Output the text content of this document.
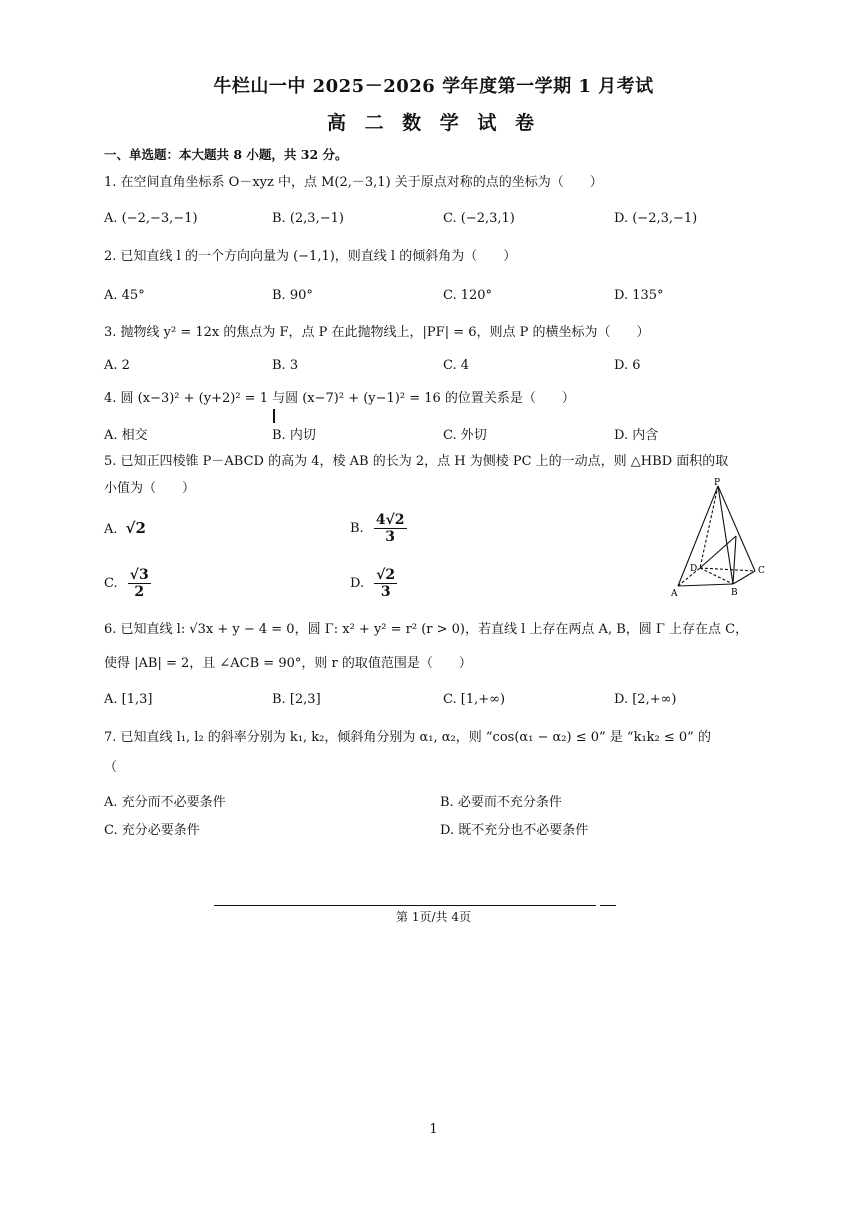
牛栏山一中 2025－2026 学年度第一学期 1 月考试
高 二 数 学 试 卷
一、单选题：本大题共 8 小题，共 32 分。
1. 在空间直角坐标系 O－xyz 中，点 M(2,－3,1) 关于原点对称的点的坐标为（　　）
A. (−2,−3,−1)	B. (2,3,−1)	C. (−2,3,1)	D. (−2,3,−1)
2. 已知直线 l 的一个方向向量为 (−1,1)，则直线 l 的倾斜角为（　　）
A. 45°	B. 90°	C. 120°	D. 135°
3. 抛物线 y² = 12x 的焦点为 F，点 P 在此抛物线上，|PF| = 6，则点 P 的横坐标为（　　）
A. 2	B. 3	C. 4	D. 6
4. 圆 (x−3)² + (y+2)² = 1 与圆 (x−7)² + (y−1)² = 16 的位置关系是（　　）
A. 相交	B. 内切	C. 外切	D. 内含
5. 已知正四棱锥 P－ABCD 的高为 4，棱 AB 的长为 2，点 H 为侧棱 PC 上的一动点，则 △HBD 面积的取
小值为（　　）
A. √2	B. $\frac{4√2}{3}$
C. $\frac{√3}{2}$	D. $\frac{√2}{3}$
P
D	C
B
A
6. 已知直线 l: √3x + y − 4 = 0，圆 Γ: x² + y² = r² (r > 0)，若直线 l 上存在两点 A, B，圆 Γ 上存在点 C，
使得 |AB| = 2，且 ∠ACB = 90°，则 r 的取值范围是（　　）
A. [1,3]	B. [2,3]	C. [1,+∞)	D. [2,+∞)
7. 已知直线 l₁, l₂ 的斜率分别为 k₁, k₂，倾斜角分别为 α₁, α₂，则 “cos(α₁ − α₂) ≤ 0” 是 “k₁k₂ ≤ 0” 的
（
A. 充分而不必要条件	B. 必要而不充分条件
C. 充分必要条件	D. 既不充分也不必要条件
第 1页/共 4页
1
